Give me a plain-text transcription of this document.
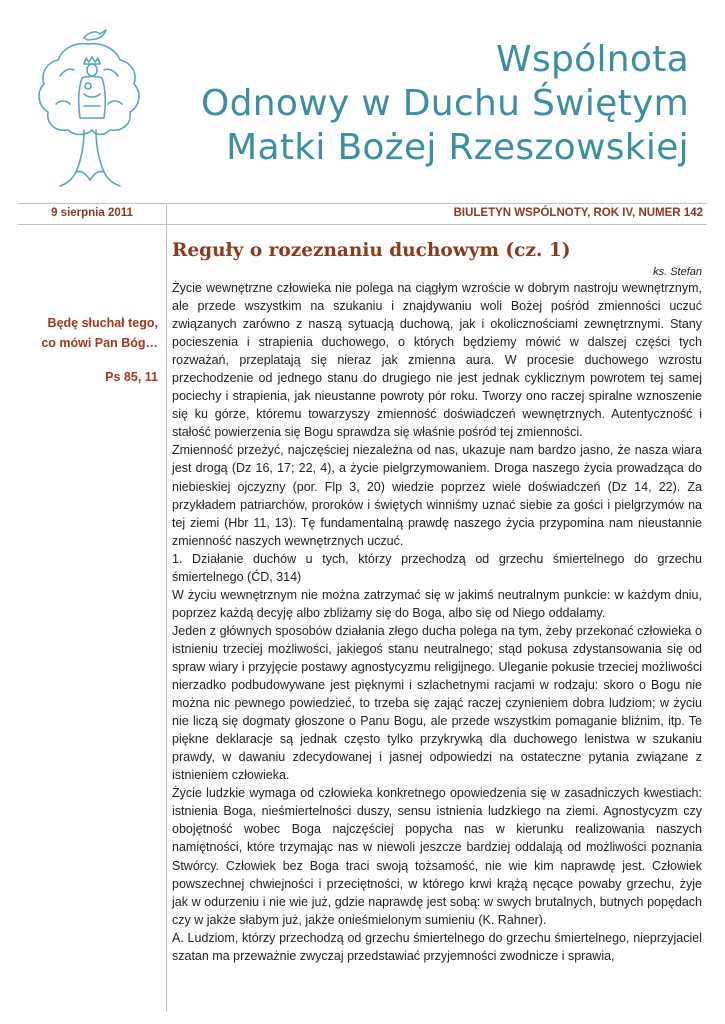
Wspólnota
Odnowy w Duchu Świętym
Matki Bożej Rzeszowskiej
9 sierpnia 2011	BIULETYN WSPÓLNOTY, ROK IV, NUMER 142
Będę słuchał tego,
co mówi Pan Bóg…
Ps 85, 11
Reguły o rozeznaniu duchowym (cz. 1)
ks. Stefan

Życie wewnętrzne człowieka nie polega na ciągłym wzroście w dobrym nastroju wewnętrznym, ale przede wszystkim na szukaniu i znajdywaniu woli Bożej pośród zmienności uczuć związanych zarówno z naszą sytuacją duchową, jak i okolicznościami zewnętrznymi. Stany pocieszenia i strapienia duchowego, o których będziemy mówić w dalszej części tych rozważań, przeplatają się nieraz jak zmienna aura. W procesie duchowego wzrostu przechodzenie od jednego stanu do drugiego nie jest jednak cyklicznym powrotem tej samej pociechy i strapienia, jak nieustanne powroty pór roku. Tworzy ono raczej spiralne wznoszenie się ku górze, któremu towarzyszy zmienność doświadczeń wewnętrznych. Autentyczność i stałość powierzenia się Bogu sprawdza się właśnie pośród tej zmienności.

Zmienność przeżyć, najczęściej niezależna od nas, ukazuje nam bardzo jasno, że nasza wiara jest drogą (Dz 16, 17; 22, 4), a życie pielgrzymowaniem. Droga naszego życia prowadząca do niebieskiej ojczyzny (por. Flp 3, 20) wiedzie poprzez wiele doświadczeń (Dz 14, 22). Za przykładem patriarchów, proroków i świętych winniśmy uznać siebie za gości i pielgrzymów na tej ziemi (Hbr 11, 13). Tę fundamentalną prawdę naszego życia przypomina nam nieustannie zmienność naszych wewnętrznych uczuć.

1. Działanie duchów u tych, którzy przechodzą od grzechu śmiertelnego do grzechu śmiertelnego (ĆD, 314)

W życiu wewnętrznym nie można zatrzymać się w jakimś neutralnym punkcie: w każdym dniu, poprzez każdą decyję albo zbliżamy się do Boga, albo się od Niego oddalamy.

Jeden z głównych sposobów działania złego ducha polega na tym, żeby przekonać człowieka o istnieniu trzeciej możliwości, jakiegoś stanu neutralnego; stąd pokusa zdystansowania się od spraw wiary i przyjęcie postawy agnostycyzmu religijnego. Uleganie pokusie trzeciej możliwości nierzadko podbudowywane jest pięknymi i szlachetnymi racjami w rodzaju: skoro o Bogu nie można nic pewnego powiedzieć, to trzeba się zająć raczej czynieniem dobra ludziom; w życiu nie liczą się dogmaty głoszone o Panu Bogu, ale przede wszystkim pomaganie bliźnim, itp. Te piękne deklaracje są jednak często tylko przykrywką dla duchowego lenistwa w szukaniu prawdy, w dawaniu zdecydowanej i jasnej odpowiedzi na ostateczne pytania związane z istnieniem człowieka.

Życie ludzkie wymaga od człowieka konkretnego opowiedzenia się w zasadniczych kwestiach: istnienia Boga, nieśmiertelności duszy, sensu istnienia ludzkiego na ziemi. Agnostycyzm czy obojętność wobec Boga najczęściej popycha nas w kierunku realizowania naszych namiętności, które trzymając nas w niewoli jeszcze bardziej oddalają od możliwości poznania Stwórcy. Człowiek bez Boga traci swoją tożsamość, nie wie kim naprawdę jest. Człowiek powszechnej chwiejności i przeciętności, w którego krwi krążą nęcące powaby grzechu, żyje jak w odurzeniu i nie wie już, gdzie naprawdę jest sobą: w swych brutalnych, butnych popędach czy w jakże słabym już, jakże onieśmielonym sumieniu (K. Rahner).

A. Ludziom, którzy przechodzą od grzechu śmiertelnego do grzechu śmiertelnego, nieprzyjaciel szatan ma przeważnie zwyczaj przedstawiać przyjemności zwodnicze i sprawia,
